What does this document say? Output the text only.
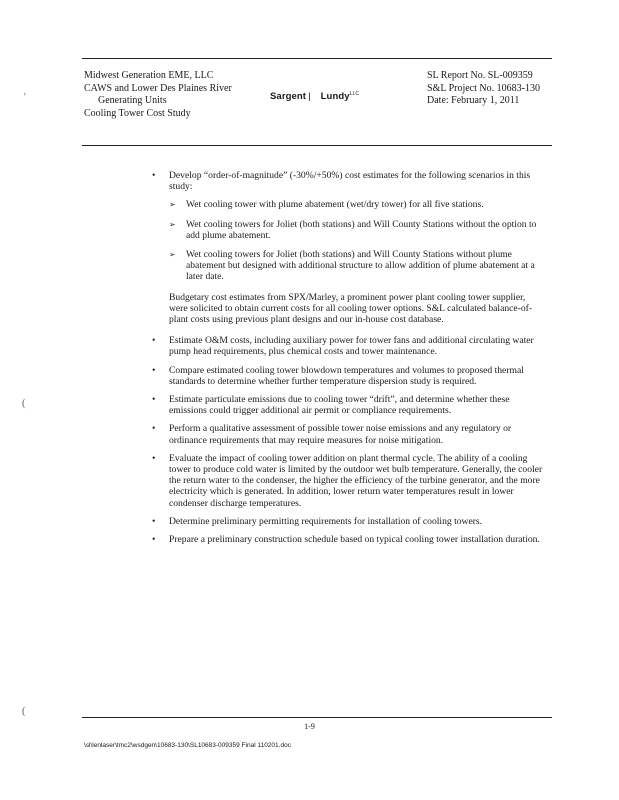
Midwest Generation EME, LLC
CAWS and Lower Des Plaines River
Generating Units
Cooling Tower Cost Study
Sargent | Lundy$^{LLC}$
SL Report No. SL-009359
S&L Project No. 10683-130
Date: February 1, 2011
• Develop “order-of-magnitude” (-30%/+50%) cost estimates for the following scenarios in this study:
➢ Wet cooling tower with plume abatement (wet/dry tower) for all five stations.
➢ Wet cooling towers for Joliet (both stations) and Will County Stations without the option to add plume abatement.
➢ Wet cooling towers for Joliet (both stations) and Will County Stations without plume abatement but designed with additional structure to allow addition of plume abatement at a later date.
Budgetary cost estimates from SPX/Marley, a prominent power plant cooling tower supplier, were solicited to obtain current costs for all cooling tower options. S&L calculated balance-of-plant costs using previous plant designs and our in-house cost database.
• Estimate O&M costs, including auxiliary power for tower fans and additional circulating water pump head requirements, plus chemical costs and tower maintenance.
• Compare estimated cooling tower blowdown temperatures and volumes to proposed thermal standards to determine whether further temperature dispersion study is required.
• Estimate particulate emissions due to cooling tower “drift”, and determine whether these emissions could trigger additional air permit or compliance requirements.
• Perform a qualitative assessment of possible tower noise emissions and any regulatory or ordinance requirements that may require measures for noise mitigation.
• Evaluate the impact of cooling tower addition on plant thermal cycle. The ability of a cooling tower to produce cold water is limited by the outdoor wet bulb temperature. Generally, the cooler the return water to the condenser, the higher the efficiency of the turbine generator, and the more electricity which is generated. In addition, lower return water temperatures result in lower condenser discharge temperatures.
• Determine preliminary permitting requirements for installation of cooling towers.
• Prepare a preliminary construction schedule based on typical cooling tower installation duration.
'
(
(
1-9
\sl\lenlaser\tmc2\wsdgen\10683-130\SL10683-009359 Final 110201.doc
